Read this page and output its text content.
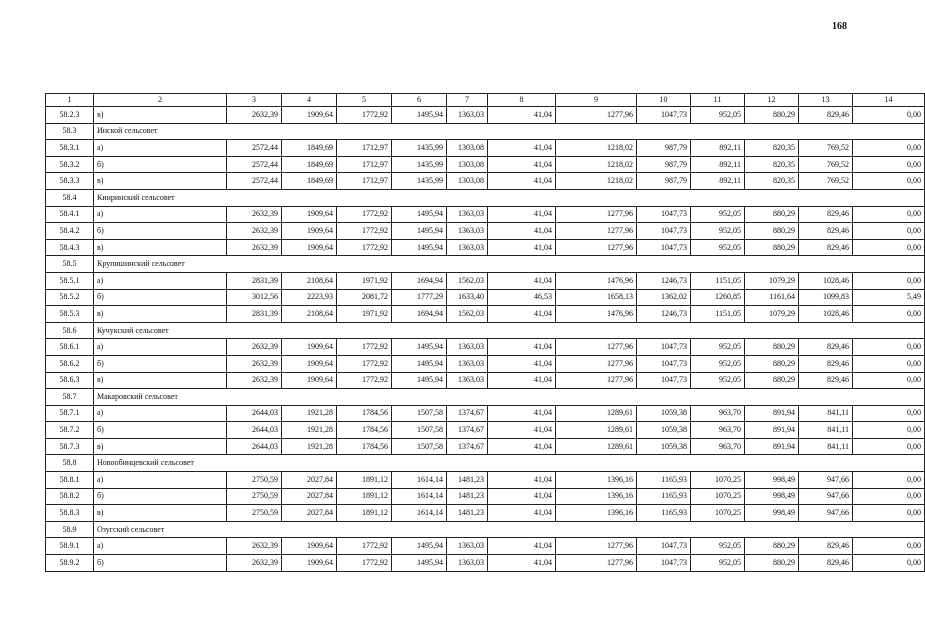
168
1	2	3	4	5	6	7	8	9	10	11	12	13	14
58.2.3	в)	2632,39	1909,64	1772,92	1495,94	1363,03	41,04	1277,96	1047,73	952,05	880,29	829,46	0,00
58.3	Инской сельсовет												
58.3.1	а)	2572,44	1849,69	1712,97	1435,99	1303,08	41,04	1218,02	987,79	892,11	820,35	769,52	0,00
58.3.2	б)	2572,44	1849,69	1712,97	1435,99	1303,08	41,04	1218,02	987,79	892,11	820,35	769,52	0,00
58.3.3	в)	2572,44	1849,69	1712,97	1435,99	1303,08	41,04	1218,02	987,79	892,11	820,35	769,52	0,00
58.4	Кииринский сельсовет												
58.4.1	а)	2632,39	1909,64	1772,92	1495,94	1363,03	41,04	1277,96	1047,73	952,05	880,29	829,46	0,00
58.4.2	б)	2632,39	1909,64	1772,92	1495,94	1363,03	41,04	1277,96	1047,73	952,05	880,29	829,46	0,00
58.4.3	в)	2632,39	1909,64	1772,92	1495,94	1363,03	41,04	1277,96	1047,73	952,05	880,29	829,46	0,00
58.5	Крупишинский сельсовет												
58.5.1	а)	2831,39	2108,64	1971,92	1694,94	1562,03	41,04	1476,96	1246,73	1151,05	1079,29	1028,46	0,00
58.5.2	б)	3012,56	2223,93	2081,72	1777,29	1633,40	46,53	1658,13	1362,02	1260,85	1161,64	1099,83	5,49
58.5.3	в)	2831,39	2108,64	1971,92	1694,94	1562,03	41,04	1476,96	1246,73	1151,05	1079,29	1028,46	0,00
58.6	Кучукский сельсовет												
58.6.1	а)	2632,39	1909,64	1772,92	1495,94	1363,03	41,04	1277,96	1047,73	952,05	880,29	829,46	0,00
58.6.2	б)	2632,39	1909,64	1772,92	1495,94	1363,03	41,04	1277,96	1047,73	952,05	880,29	829,46	0,00
58.6.3	в)	2632,39	1909,64	1772,92	1495,94	1363,03	41,04	1277,96	1047,73	952,05	880,29	829,46	0,00
58.7	Макаровский сельсовет												
58.7.1	а)	2644,03	1921,28	1784,56	1507,58	1374,67	41,04	1289,61	1059,38	963,70	891,94	841,11	0,00
58.7.2	б)	2644,03	1921,28	1784,56	1507,58	1374,67	41,04	1289,61	1059,38	963,70	891,94	841,11	0,00
58.7.3	в)	2644,03	1921,28	1784,56	1507,58	1374,67	41,04	1289,61	1059,38	963,70	891,94	841,11	0,00
58.8	Новообинцевский сельсовет												
58.8.1	а)	2750,59	2027,84	1891,12	1614,14	1481,23	41,04	1396,16	1165,93	1070,25	998,49	947,66	0,00
58.8.2	б)	2750,59	2027,84	1891,12	1614,14	1481,23	41,04	1396,16	1165,93	1070,25	998,49	947,66	0,00
58.8.3	в)	2750,59	2027,84	1891,12	1614,14	1481,23	41,04	1396,16	1165,93	1070,25	998,49	947,66	0,00
58.9	Озугский сельсовет												
58.9.1	а)	2632,39	1909,64	1772,92	1495,94	1363,03	41,04	1277,96	1047,73	952,05	880,29	829,46	0,00
58.9.2	б)	2632,39	1909,64	1772,92	1495,94	1363,03	41,04	1277,96	1047,73	952,05	880,29	829,46	0,00
